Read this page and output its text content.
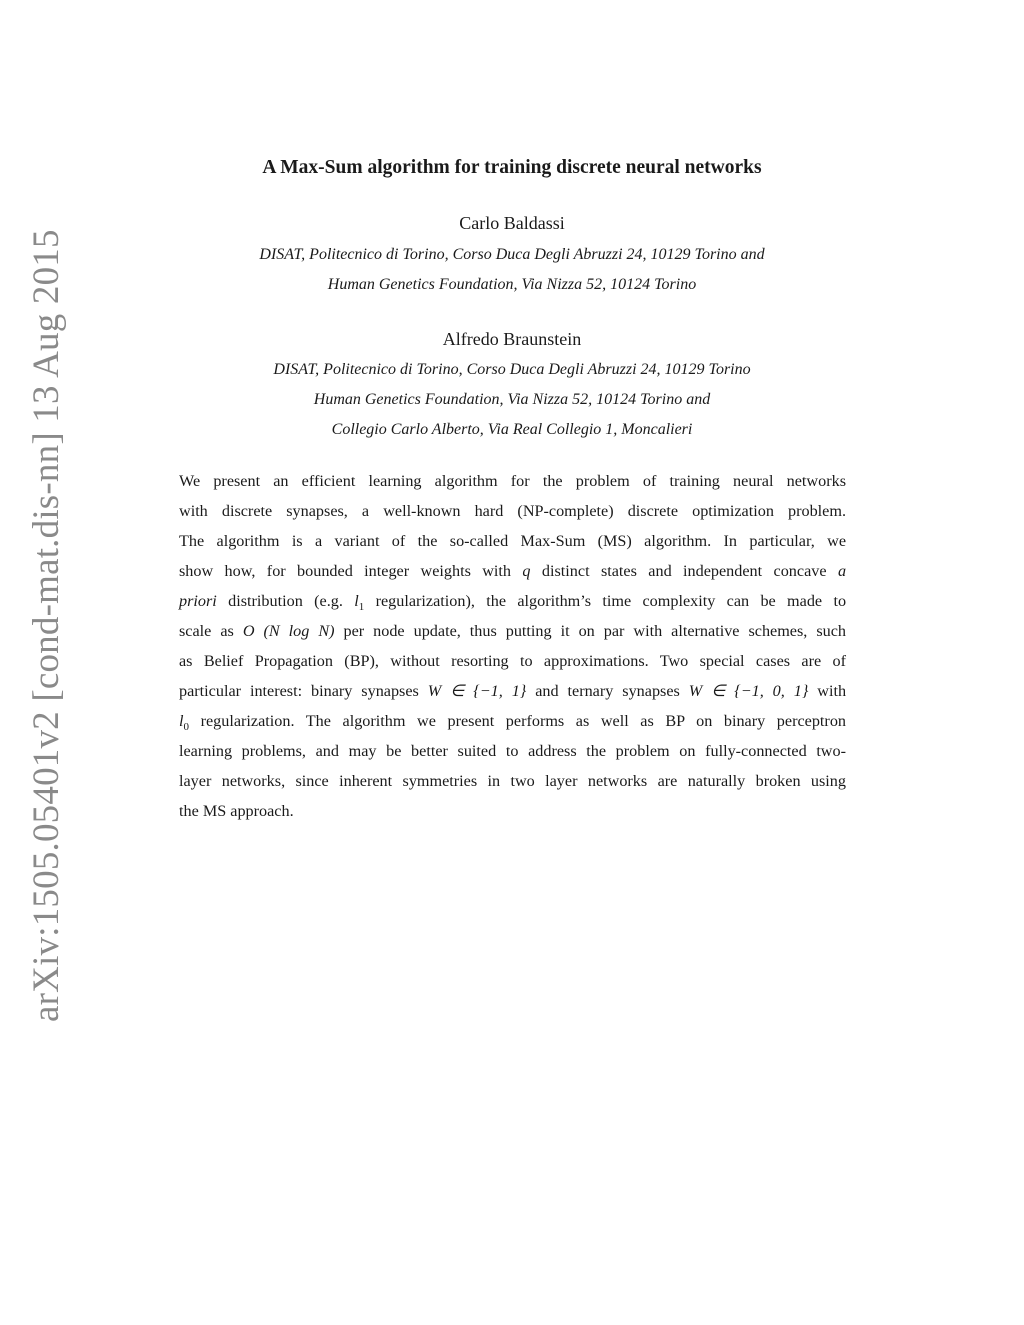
arXiv:1505.05401v2 [cond-mat.dis-nn] 13 Aug 2015
A Max-Sum algorithm for training discrete neural networks
Carlo Baldassi
DISAT, Politecnico di Torino, Corso Duca Degli Abruzzi 24, 10129 Torino and
Human Genetics Foundation, Via Nizza 52, 10124 Torino
Alfredo Braunstein
DISAT, Politecnico di Torino, Corso Duca Degli Abruzzi 24, 10129 Torino
Human Genetics Foundation, Via Nizza 52, 10124 Torino and
Collegio Carlo Alberto, Via Real Collegio 1, Moncalieri
We present an efficient learning algorithm for the problem of training neural networks
with discrete synapses, a well-known hard (NP-complete) discrete optimization problem.
The algorithm is a variant of the so-called Max-Sum (MS) algorithm. In particular, we
show how, for bounded integer weights with q distinct states and independent concave a
priori distribution (e.g. $l_1$ regularization), the algorithm’s time complexity can be made to
scale as O (N log N) per node update, thus putting it on par with alternative schemes, such
as Belief Propagation (BP), without resorting to approximations. Two special cases are of
particular interest: binary synapses W ∈ {−1, 1} and ternary synapses W ∈ {−1, 0, 1} with
$l_0$ regularization. The algorithm we present performs as well as BP on binary perceptron
learning problems, and may be better suited to address the problem on fully-connected two-
layer networks, since inherent symmetries in two layer networks are naturally broken using
the MS approach.
